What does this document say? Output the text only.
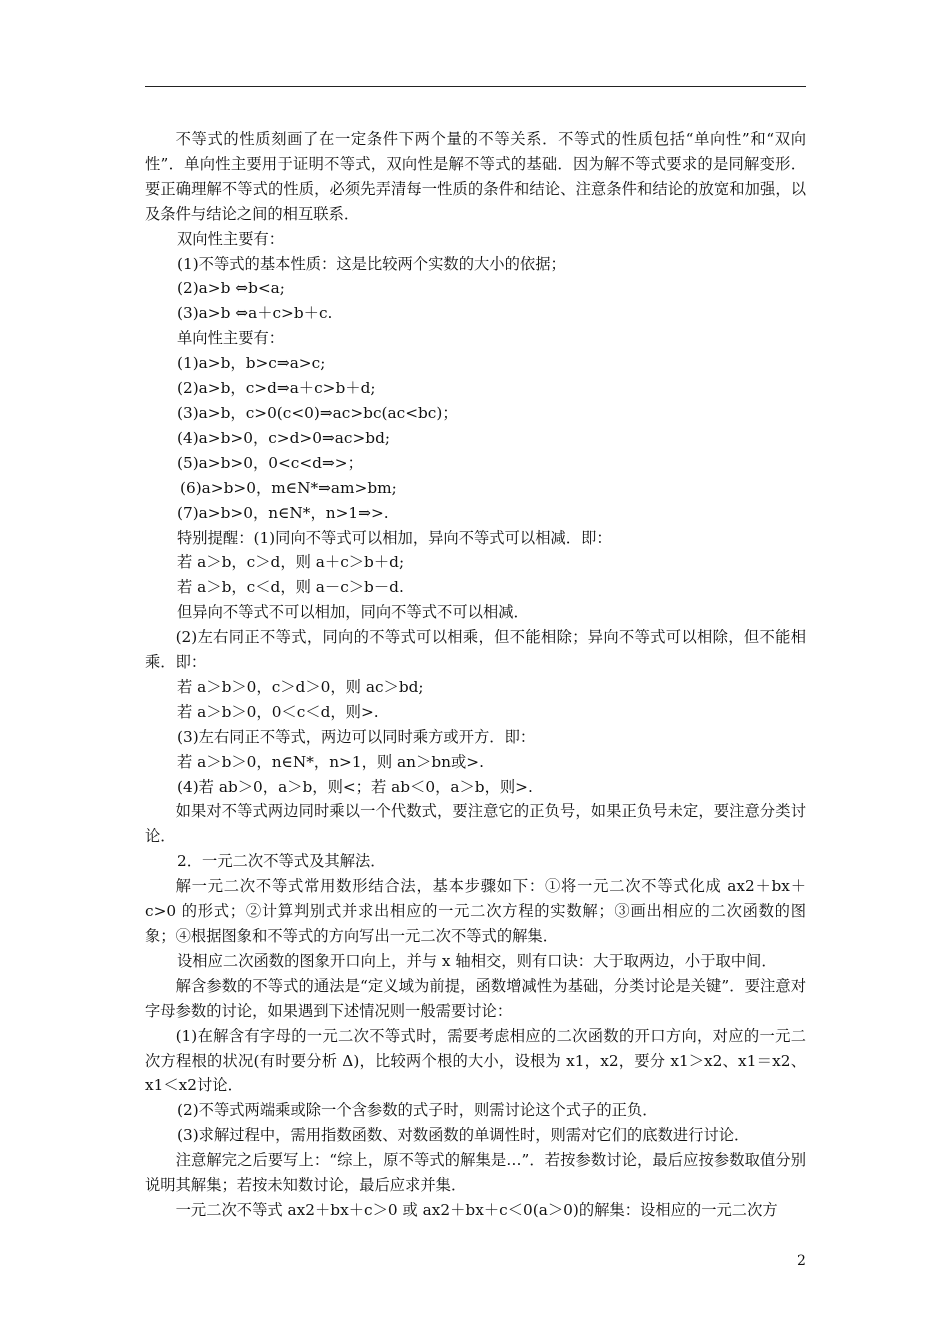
不等式的性质刻画了在一定条件下两个量的不等关系．不等式的性质包括“单向性”和“双向性”．单向性主要用于证明不等式，双向性是解不等式的基础．因为解不等式要求的是同解变形．要正确理解不等式的性质，必须先弄清每一性质的条件和结论、注意条件和结论的放宽和加强，以及条件与结论之间的相互联系．

双向性主要有：

(1)不等式的基本性质：这是比较两个实数的大小的依据；

(2)a>b ⇔b<a;

(3)a>b ⇔a＋c>b＋c.

单向性主要有：

(1)a>b，b>c⇒a>c;

(2)a>b，c>d⇒a＋c>b＋d;

(3)a>b，c>0(c<0)⇒ac>bc(ac<bc)；

(4)a>b>0，c>d>0⇒ac>bd;

(5)a>b>0，0<c<d⇒>；

(6)a>b>0，m∈N*⇒am>bm;

(7)a>b>0，n∈N*，n>1⇒>.

特别提醒：(1)同向不等式可以相加，异向不等式可以相减．即：

若 a＞b，c＞d，则 a＋c＞b＋d;

若 a＞b，c＜d，则 a－c＞b－d.

但异向不等式不可以相加，同向不等式不可以相减．

(2)左右同正不等式，同向的不等式可以相乘，但不能相除；异向不等式可以相除，但不能相乘．即：

若 a＞b＞0，c＞d＞0，则 ac＞bd;

若 a＞b＞0，0＜c＜d，则>.

(3)左右同正不等式，两边可以同时乘方或开方．即：

若 a＞b＞0，n∈N*，n>1，则 an＞bn或>.

(4)若 ab＞0，a＞b，则<；若 ab＜0，a＞b，则>.

如果对不等式两边同时乘以一个代数式，要注意它的正负号，如果正负号未定，要注意分类讨论．

2．一元二次不等式及其解法．

解一元二次不等式常用数形结合法，基本步骤如下：①将一元二次不等式化成 ax2＋bx＋c>0 的形式；②计算判别式并求出相应的一元二次方程的实数解；③画出相应的二次函数的图象；④根据图象和不等式的方向写出一元二次不等式的解集．

设相应二次函数的图象开口向上，并与 x 轴相交，则有口诀：大于取两边，小于取中间．

解含参数的不等式的通法是“定义域为前提，函数增减性为基础，分类讨论是关键”．要注意对字母参数的讨论，如果遇到下述情况则一般需要讨论：

(1)在解含有字母的一元二次不等式时，需要考虑相应的二次函数的开口方向，对应的一元二次方程根的状况(有时要分析 Δ)，比较两个根的大小，设根为 x1，x2，要分 x1＞x2、x1＝x2、x1＜x2讨论．

(2)不等式两端乘或除一个含参数的式子时，则需讨论这个式子的正负．

(3)求解过程中，需用指数函数、对数函数的单调性时，则需对它们的底数进行讨论．

注意解完之后要写上：“综上，原不等式的解集是…”．若按参数讨论，最后应按参数取值分别说明其解集；若按未知数讨论，最后应求并集．

一元二次不等式 ax2＋bx＋c＞0 或 ax2＋bx＋c＜0(a＞0)的解集：设相应的一元二次方

2
